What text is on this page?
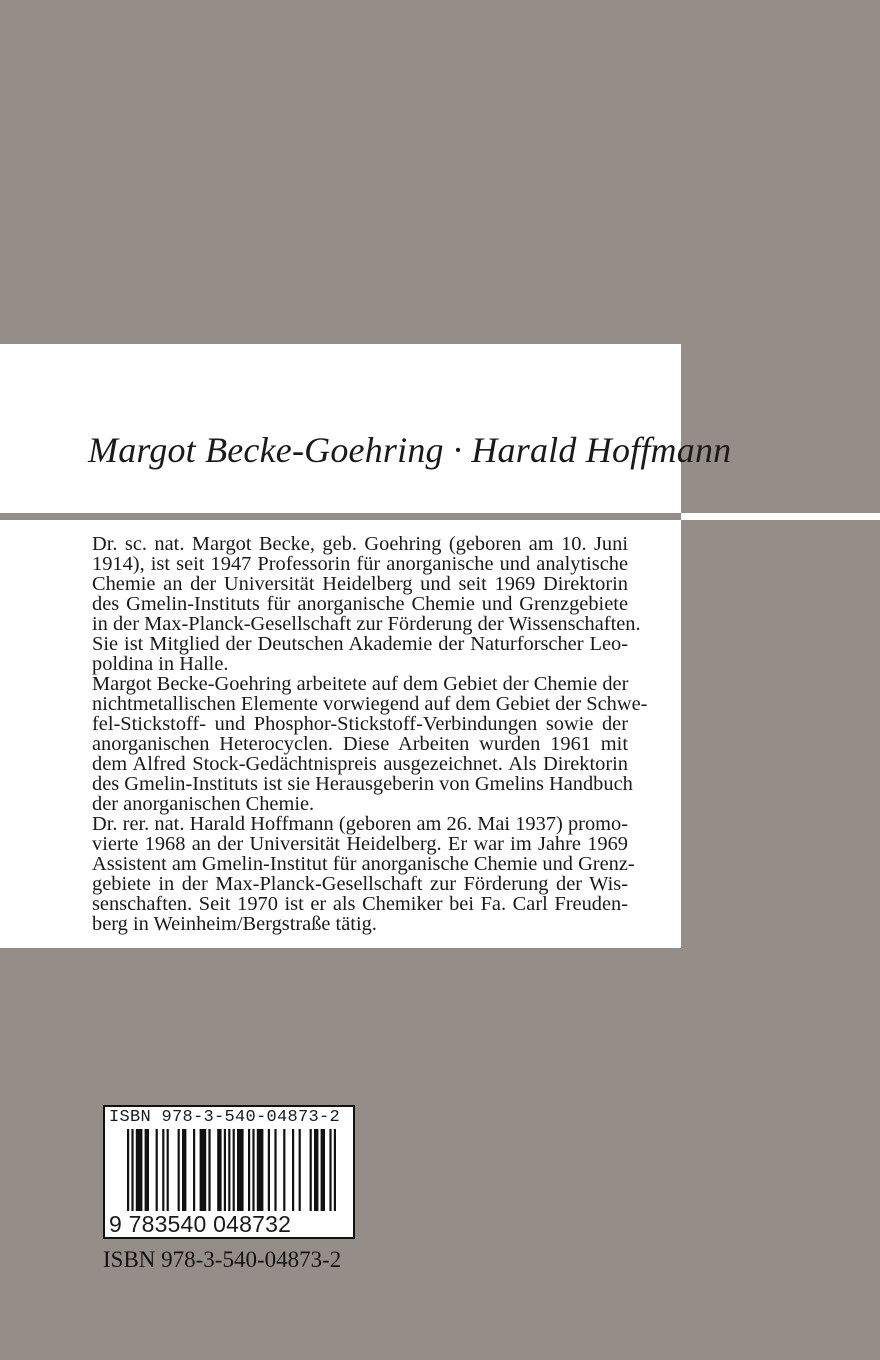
Margot Becke-Goehring · Harald Hoffmann
Dr. sc. nat. Margot Becke, geb. Goehring (geboren am 10. Juni
1914), ist seit 1947 Professorin für anorganische und analytische
Chemie an der Universität Heidelberg und seit 1969 Direktorin
des Gmelin-Instituts für anorganische Chemie und Grenzgebiete
in der Max-Planck-Gesellschaft zur Förderung der Wissenschaften.
Sie ist Mitglied der Deutschen Akademie der Naturforscher Leo-
poldina in Halle.
Margot Becke-Goehring arbeitete auf dem Gebiet der Chemie der
nichtmetallischen Elemente vorwiegend auf dem Gebiet der Schwe-
fel-Stickstoff- und Phosphor-Stickstoff-Verbindungen sowie der
anorganischen Heterocyclen. Diese Arbeiten wurden 1961 mit
dem Alfred Stock-Gedächtnispreis ausgezeichnet. Als Direktorin
des Gmelin-Instituts ist sie Herausgeberin von Gmelins Handbuch
der anorganischen Chemie.
Dr. rer. nat. Harald Hoffmann (geboren am 26. Mai 1937) promo-
vierte 1968 an der Universität Heidelberg. Er war im Jahre 1969
Assistent am Gmelin-Institut für anorganische Chemie und Grenz-
gebiete in der Max-Planck-Gesellschaft zur Förderung der Wis-
senschaften. Seit 1970 ist er als Chemiker bei Fa. Carl Freuden-
berg in Weinheim/Bergstraße tätig.
ISBN 978-3-540-04873-2
9 783540 048732
ISBN 978-3-540-04873-2
